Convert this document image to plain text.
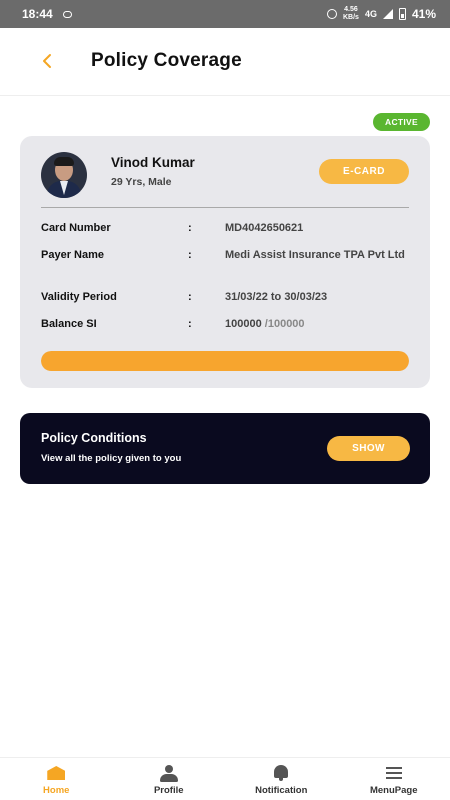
18:44	4.56
KB/s 4G	41%
Policy Coverage
ACTIVE
Vinod Kumar
29 Yrs, Male
E-CARD
Card Number	:	MD4042650621
Payer Name	:	Medi Assist Insurance TPA Pvt Ltd
Validity Period	:	31/03/22 to 30/03/23
Balance SI	:	100000 /100000
Policy Conditions
View all the policy given to you
SHOW
Home	Profile	Notification	MenuPage
